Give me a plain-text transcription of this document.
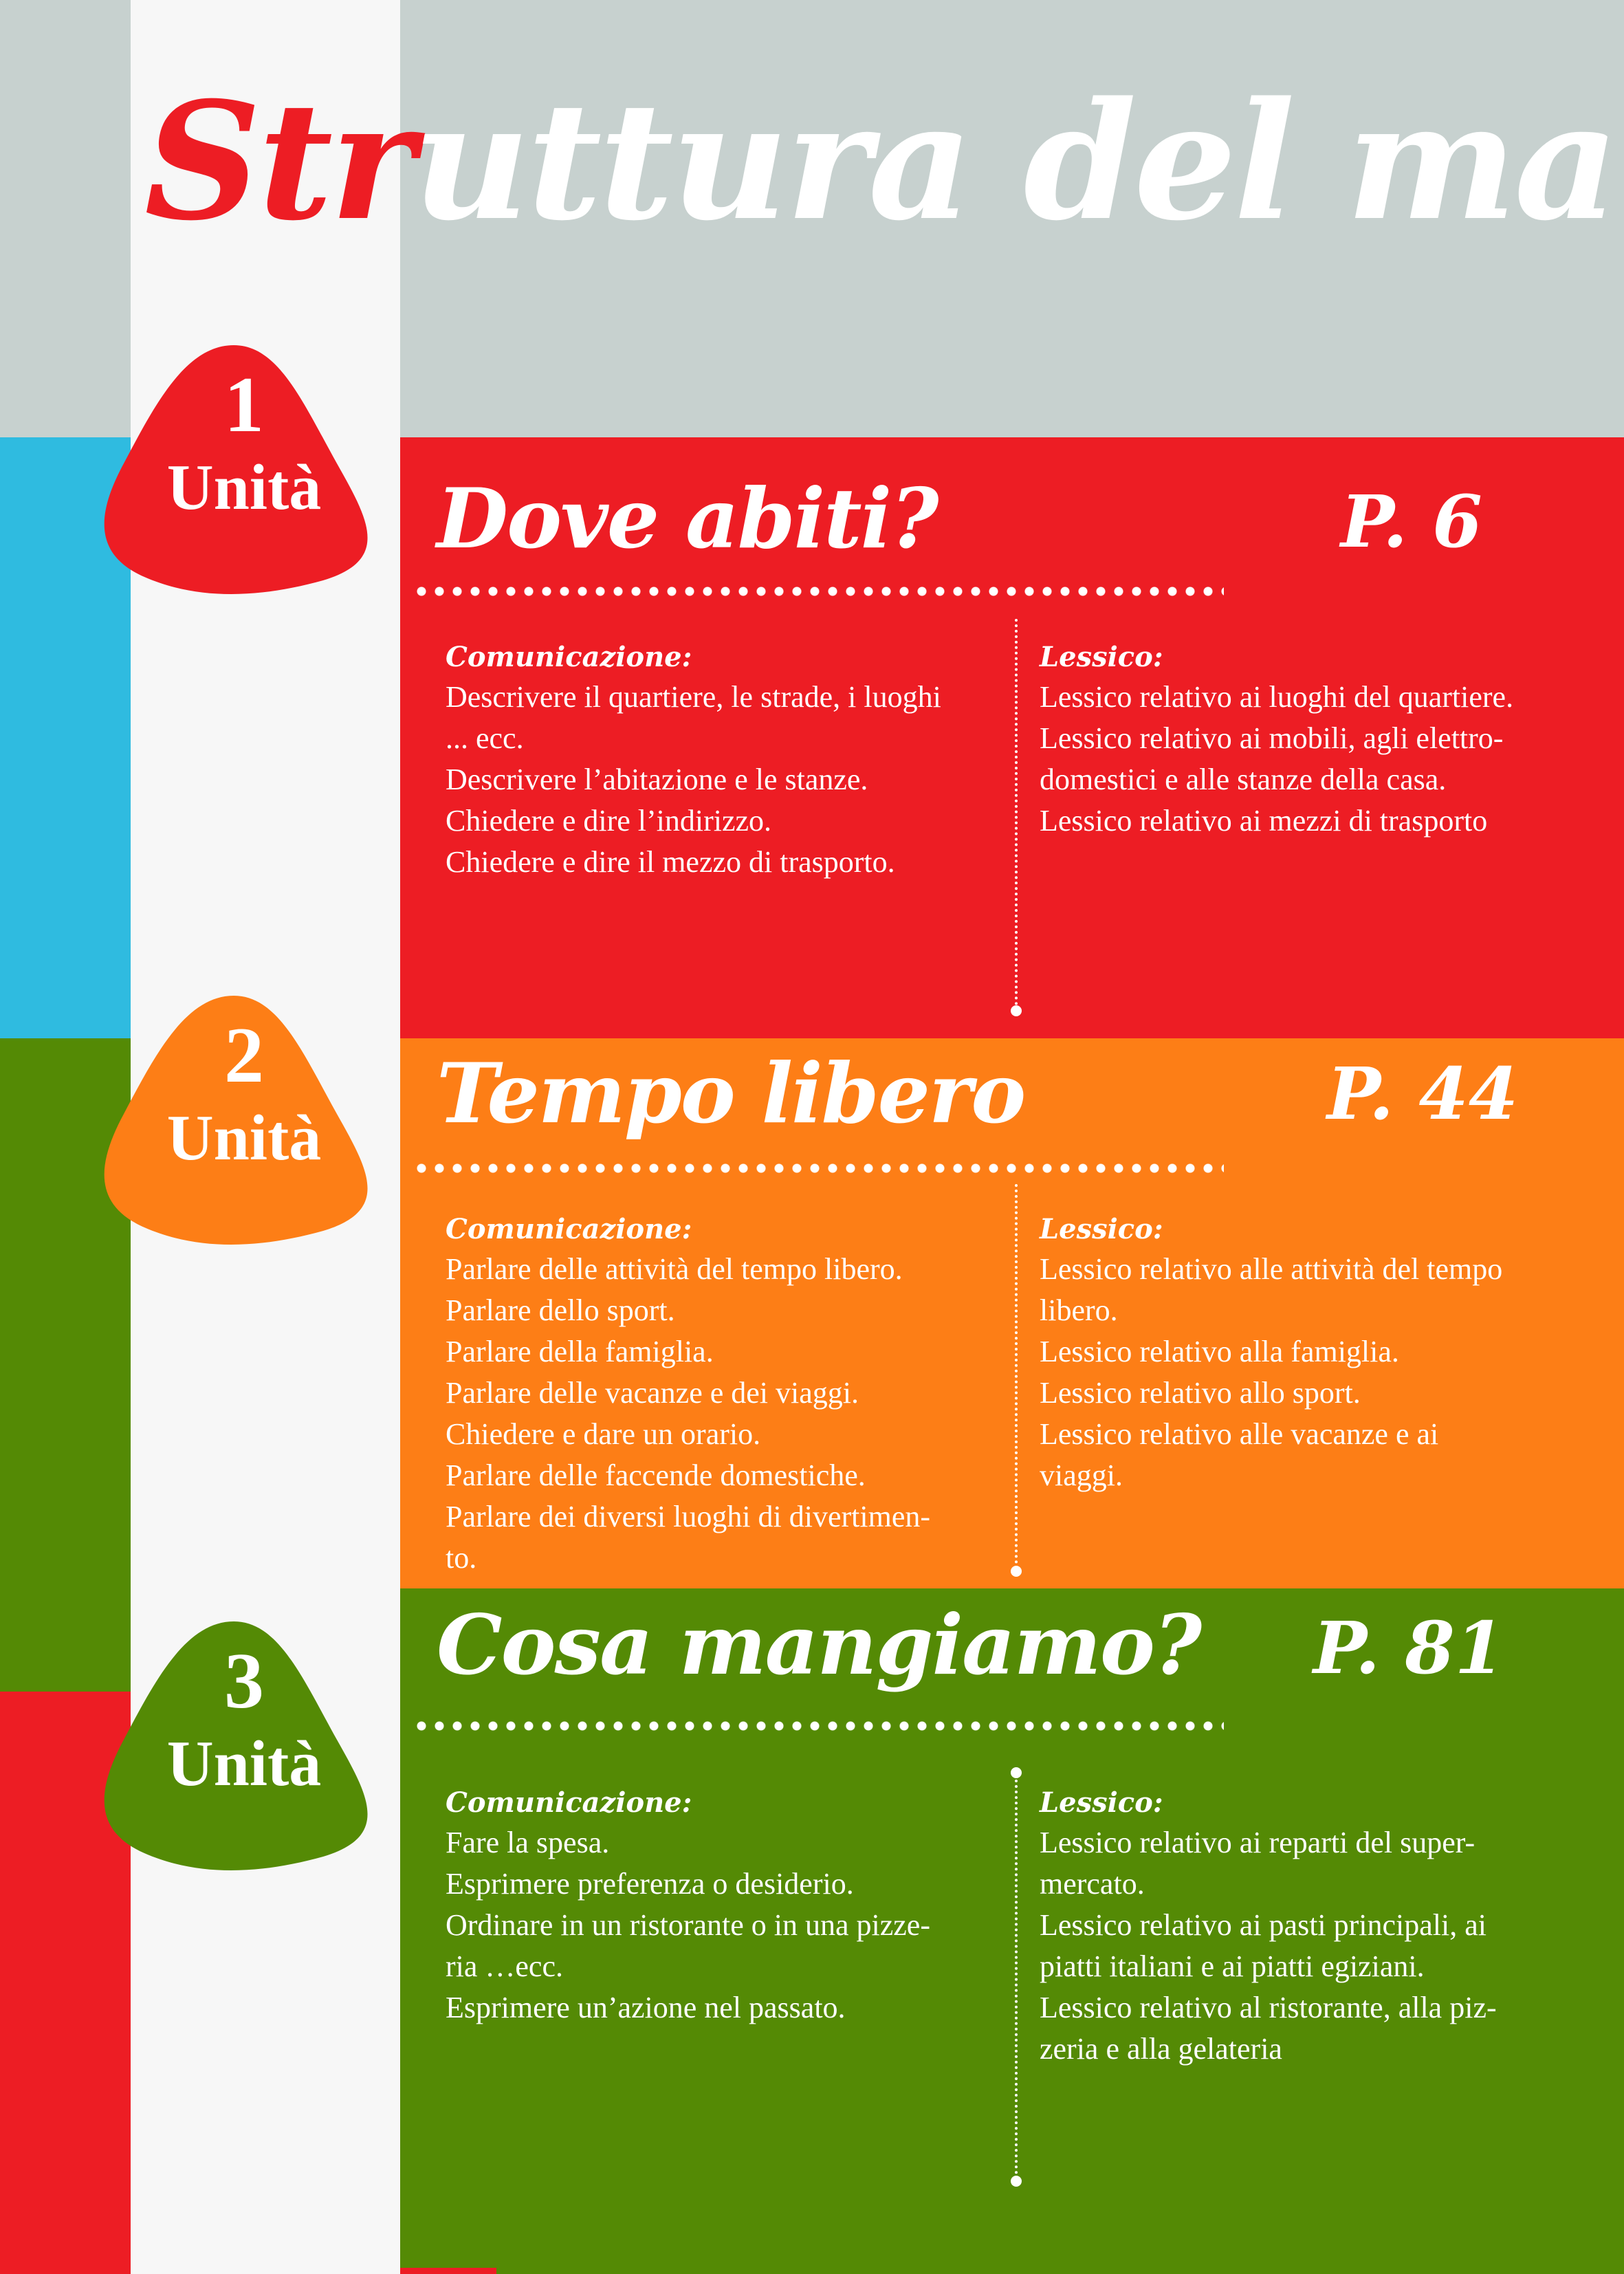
Struttura del ma
1
Unità	Dove abiti?	P. 6
Comunicazione:
Descrivere il quartiere, le strade, i luoghi
... ecc.
Descrivere l’abitazione e le stanze.
Chiedere e dire l’indirizzo.
Chiedere e dire il mezzo di trasporto.
Lessico:
Lessico relativo ai luoghi del quartiere.
Lessico relativo ai mobili, agli elettro-
domestici e alle stanze della casa.
Lessico relativo ai mezzi di trasporto
2
Unità	Tempo libero	P. 44
Comunicazione:
Parlare delle attività del tempo libero.
Parlare dello sport.
Parlare della famiglia.
Parlare delle vacanze e dei viaggi.
Chiedere e dare un orario.
Parlare delle faccende domestiche.
Parlare dei diversi luoghi di divertimen-
to.
Lessico:
Lessico relativo alle attività del tempo
libero.
Lessico relativo alla famiglia.
Lessico relativo allo sport.
Lessico relativo alle vacanze e ai
viaggi.
3
Unità
Cosa mangiamo? P. 81
Comunicazione:
Fare la spesa.
Esprimere preferenza o desiderio.
Ordinare in un ristorante o in una pizze-
ria …ecc.
Esprimere un’azione nel passato.
Lessico:
Lessico relativo ai reparti del super-
mercato.
Lessico relativo ai pasti principali, ai
piatti italiani e ai piatti egiziani.
Lessico relativo al ristorante, alla piz-
zeria e alla gelateria
